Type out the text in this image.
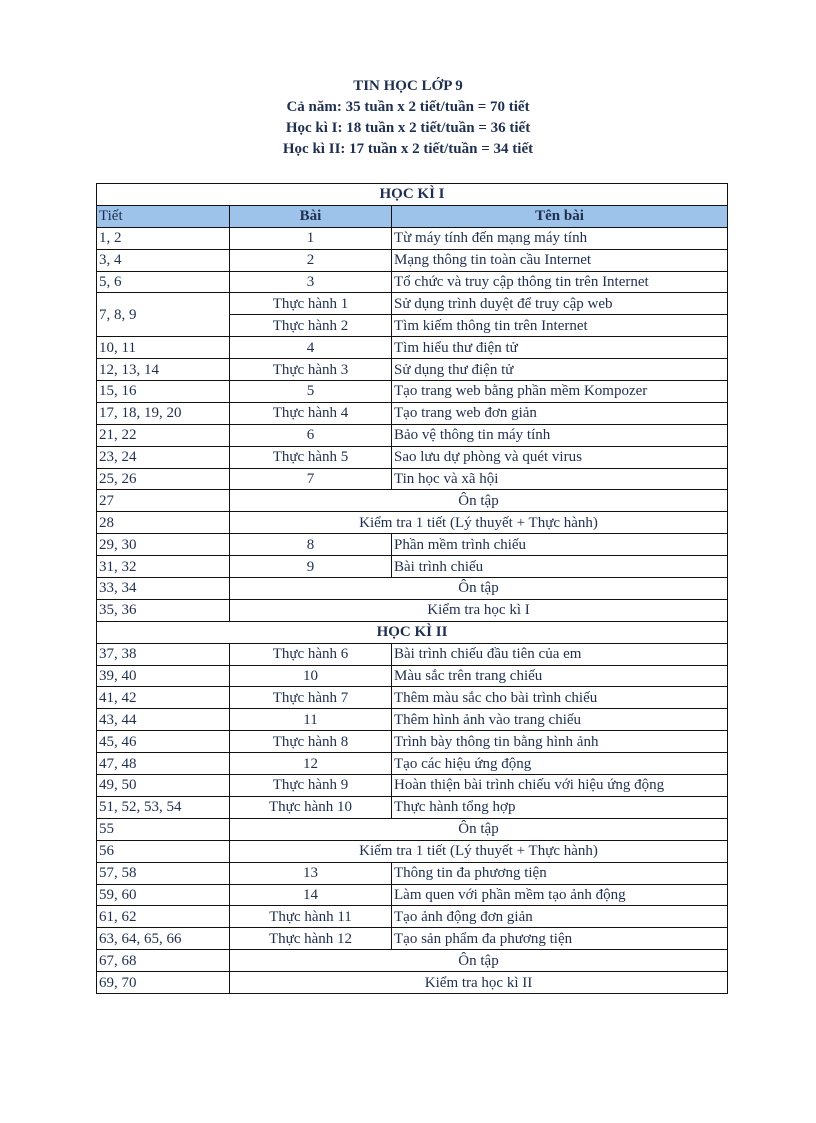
TIN HỌC LỚP 9
Cả năm: 35 tuần x 2 tiết/tuần = 70 tiết
Học kì I: 18 tuần x 2 tiết/tuần = 36 tiết
Học kì II: 17 tuần x 2 tiết/tuần = 34 tiết
HỌC KÌ I		
Tiết	Bài	Tên bài
1, 2	1	Từ máy tính đến mạng máy tính
3, 4	2	Mạng thông tin toàn cầu Internet
5, 6	3	Tổ chức và truy cập thông tin trên Internet
7, 8, 9	Thực hành 1	Sử dụng trình duyệt để truy cập web
	Thực hành 2	Tìm kiếm thông tin trên Internet
10, 11	4	Tìm hiểu thư điện tử
12, 13, 14	Thực hành 3	Sử dụng thư điện tử
15, 16	5	Tạo trang web bằng phần mềm Kompozer
17, 18, 19, 20	Thực hành 4	Tạo trang web đơn giản
21, 22	6	Bảo vệ thông tin máy tính
23, 24	Thực hành 5	Sao lưu dự phòng và quét virus
25, 26	7	Tin học và xã hội
27	Ôn tập	
28	Kiểm tra 1 tiết (Lý thuyết + Thực hành)	
29, 30	8	Phần mềm trình chiếu
31, 32	9	Bài trình chiếu
33, 34	Ôn tập	
35, 36	Kiểm tra học kì I	
HỌC KÌ II		
37, 38	Thực hành 6	Bài trình chiếu đầu tiên của em
39, 40	10	Màu sắc trên trang chiếu
41, 42	Thực hành 7	Thêm màu sắc cho bài trình chiếu
43, 44	11	Thêm hình ảnh vào trang chiếu
45, 46	Thực hành 8	Trình bày thông tin bằng hình ảnh
47, 48	12	Tạo các hiệu ứng động
49, 50	Thực hành 9	Hoàn thiện bài trình chiếu với hiệu ứng động
51, 52, 53, 54	Thực hành 10	Thực hành tổng hợp
55	Ôn tập	
56	Kiểm tra 1 tiết (Lý thuyết + Thực hành)	
57, 58	13	Thông tin đa phương tiện
59, 60	14	Làm quen với phần mềm tạo ảnh động
61, 62	Thực hành 11	Tạo ảnh động đơn giản
63, 64, 65, 66	Thực hành 12	Tạo sản phẩm đa phương tiện
67, 68	Ôn tập	
69, 70	Kiểm tra học kì II	
